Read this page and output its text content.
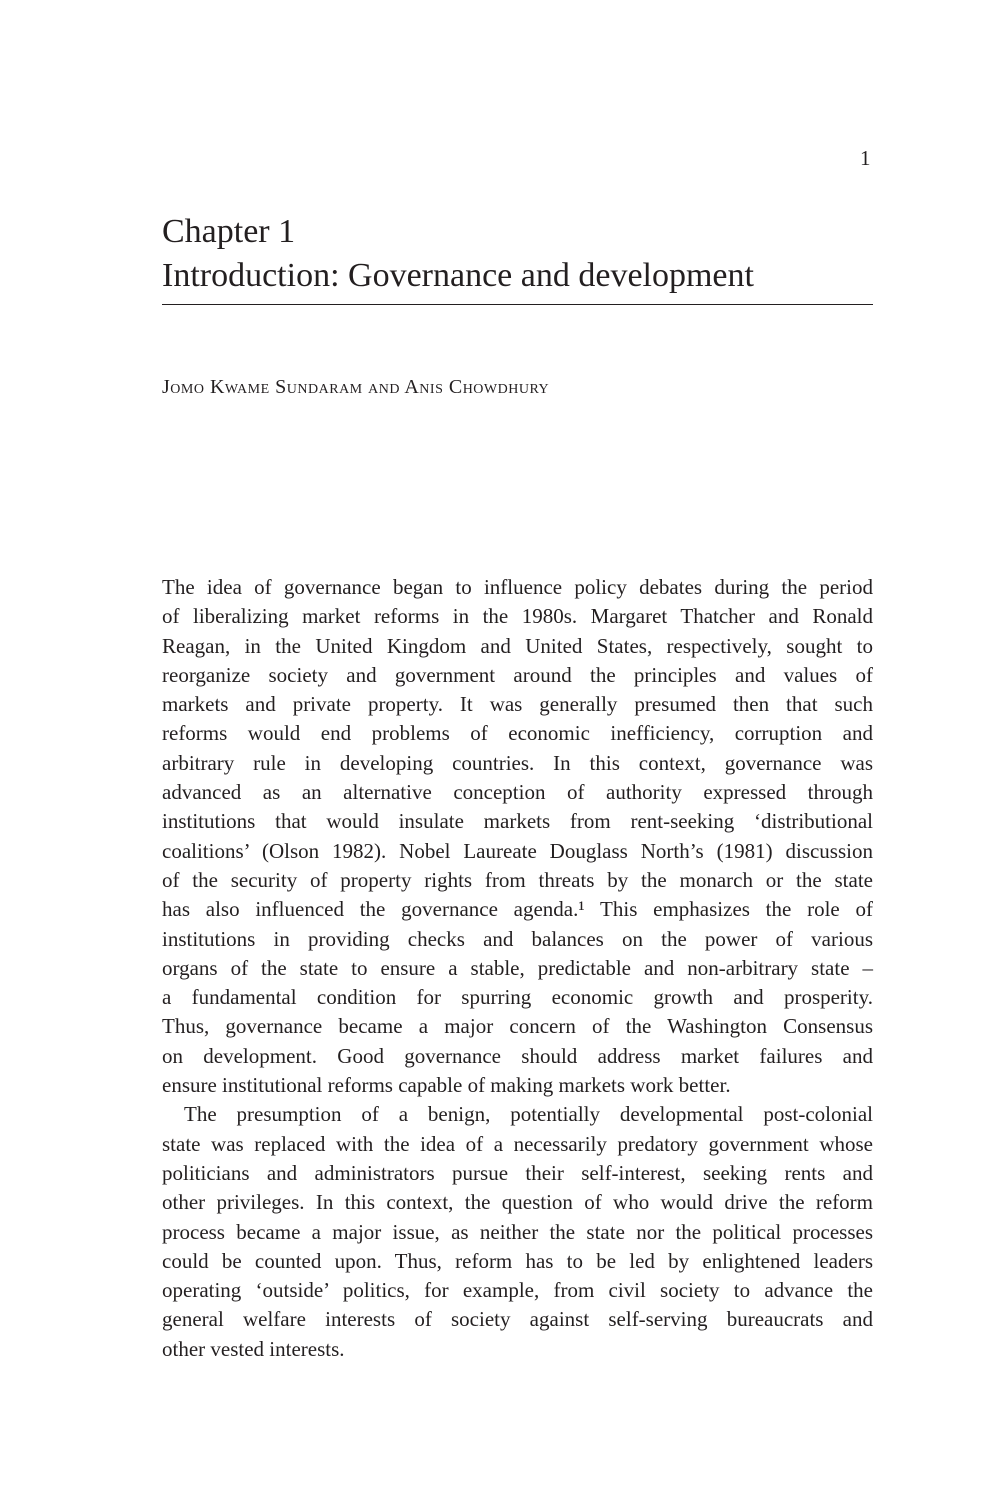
1
Chapter 1
Introduction: Governance and development
Jomo Kwame Sundaram and Anis Chowdhury
The idea of governance began to influence policy debates during the period
of liberalizing market reforms in the 1980s. Margaret Thatcher and Ronald
Reagan, in the United Kingdom and United States, respectively, sought to
reorganize society and government around the principles and values of
markets and private property. It was generally presumed then that such
reforms would end problems of economic inefficiency, corruption and
arbitrary rule in developing countries. In this context, governance was
advanced as an alternative conception of authority expressed through
institutions that would insulate markets from rent-seeking ‘distributional
coalitions’ (Olson 1982). Nobel Laureate Douglass North’s (1981) discussion
of the security of property rights from threats by the monarch or the state
has also influenced the governance agenda.¹ This emphasizes the role of
institutions in providing checks and balances on the power of various
organs of the state to ensure a stable, predictable and non-arbitrary state –
a fundamental condition for spurring economic growth and prosperity.
Thus, governance became a major concern of the Washington Consensus
on development. Good governance should address market failures and
ensure institutional reforms capable of making markets work better.
The presumption of a benign, potentially developmental post-colonial
state was replaced with the idea of a necessarily predatory government whose
politicians and administrators pursue their self-interest, seeking rents and
other privileges. In this context, the question of who would drive the reform
process became a major issue, as neither the state nor the political processes
could be counted upon. Thus, reform has to be led by enlightened leaders
operating ‘outside’ politics, for example, from civil society to advance the
general welfare interests of society against self-serving bureaucrats and
other vested interests.
